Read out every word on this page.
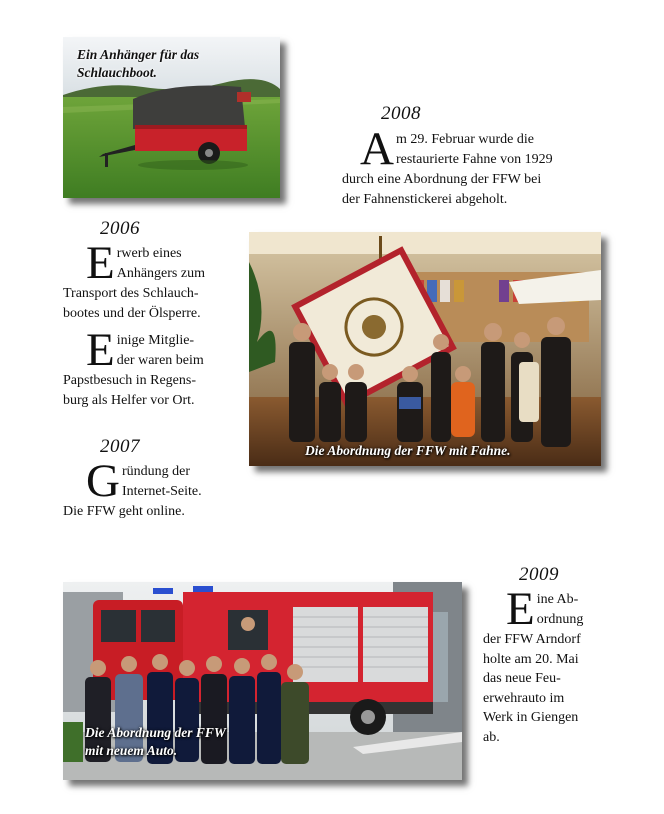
Ein Anhänger für das
Schlauchboot.
2008
A m 29. Februar wurde die
restaurierte Fahne von 1929
durch eine Abordnung der FFW bei
der Fahnenstickerei abgeholt.
2006
E rwerb eines
Anhängers zum
Transport des Schlauch-
bootes und der Ölsperre.
E inige Mitglie-
der waren beim
Papstbesuch in Regens-
burg als Helfer vor Ort.
Die Abordnung der FFW mit Fahne.
2007
G ründung der
Internet-Seite.
Die FFW geht online.
Die Abordnung der FFW
mit neuem Auto.
2009
E ine Ab-
ordnung
der FFW Arndorf
holte am 20. Mai
das neue Feu-
erwehrauto im
Werk in Giengen
ab.
